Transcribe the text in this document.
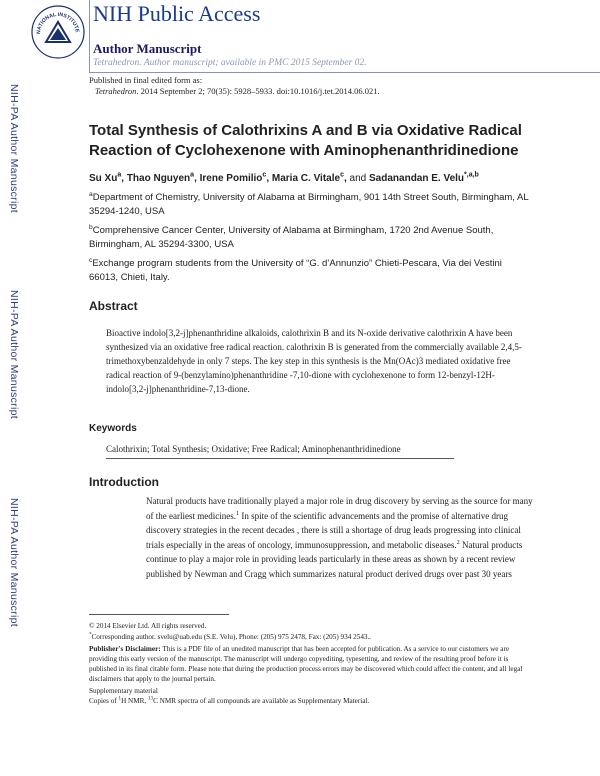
NIH-PA Author Manuscript
NIH-PA Author Manuscript
NIH-PA Author Manuscript
NATIONAL INSTITUTE
NIH Public Access
Author Manuscript
Tetrahedron. Author manuscript; available in PMC 2015 September 02.
Published in final edited form as:
Tetrahedron. 2014 September 2; 70(35): 5928–5933. doi:10.1016/j.tet.2014.06.021.
Total Synthesis of Calothrixins A and B via Oxidative Radical Reaction of Cyclohexenone with Aminophenanthridinedione
Su Xu$^a$, Thao Nguyen$^a$, Irene Pomilio$^c$, Maria C. Vitale$^c$, and Sadanandan E. Velu$^{*,a,b}$
$^a$Department of Chemistry, University of Alabama at Birmingham, 901 14th Street South, Birmingham, AL 35294-1240, USA
$^b$Comprehensive Cancer Center, University of Alabama at Birmingham, 1720 2nd Avenue South, Birmingham, AL 35294-3300, USA
$^c$Exchange program students from the University of “G. d’Annunzio” Chieti-Pescara, Via dei Vestini 66013, Chieti, Italy.
Abstract
Bioactive indolo[3,2-j]phenanthridine alkaloids, calothrixin B and its N-oxide derivative calothrixin A have been synthesized via an oxidative free radical reaction. calothrixin B is generated from the commercially available 2,4,5-trimethoxybenzaldehyde in only 7 steps. The key step in this synthesis is the Mn(OAc)3 mediated oxidative free radical reaction of 9-(benzylamino)phenanthridine -7,10-dione with cyclohexenone to form 12-benzyl-12H-indolo[3,2-j]phenanthridine-7,13-dione.
Keywords
Calothrixin; Total Synthesis; Oxidative; Free Radical; Aminophenanthridinedione
Introduction
Natural products have traditionally played a major role in drug discovery by serving as the source for many of the earliest medicines.$^1$ In spite of the scientific advancements and the promise of alternative drug discovery strategies in the recent decades , there is still a shortage of drug leads progressing into clinical trials especially in the areas of oncology, immunosuppression, and metabolic diseases.$^2$ Natural products continue to play a major role in providing leads particularly in these areas as shown by a recent review published by Newman and Cragg which summarizes natural product derived drugs over past 30 years
© 2014 Elsevier Ltd. All rights reserved.
*Corresponding author. svelu@uab.edu (S.E. Velu), Phone: (205) 975 2478, Fax: (205) 934 2543..
Publisher's Disclaimer: This is a PDF file of an unedited manuscript that has been accepted for publication. As a service to our customers we are providing this early version of the manuscript. The manuscript will undergo copyediting, typesetting, and review of the resulting proof before it is published in its final citable form. Please note that during the production process errors may be discovered which could affect the content, and all legal disclaimers that apply to the journal pertain.
Supplementary material
Copies of $^1$H NMR, $^{13}$C NMR spectra of all compounds are available as Supplementary Material.
